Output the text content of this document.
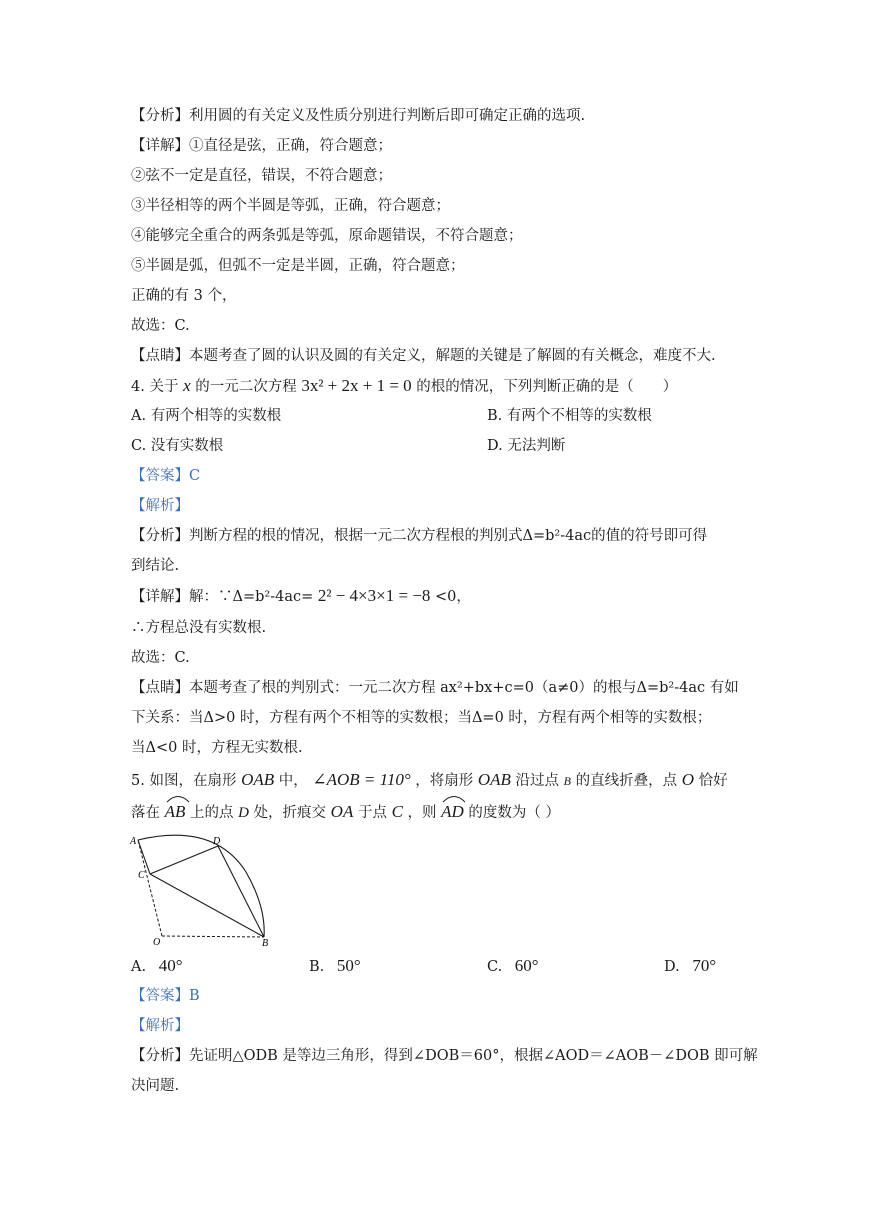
【分析】利用圆的有关定义及性质分别进行判断后即可确定正确的选项.
【详解】①直径是弦，正确，符合题意；
②弦不一定是直径，错误，不符合题意；
③半径相等的两个半圆是等弧，正确，符合题意；
④能够完全重合的两条弧是等弧，原命题错误，不符合题意；
⑤半圆是弧，但弧不一定是半圆，正确，符合题意；
正确的有 3 个，
故选：C.
【点睛】本题考查了圆的认识及圆的有关定义，解题的关键是了解圆的有关概念，难度不大.
4. 关于 x 的一元二次方程 3x² + 2x + 1 = 0 的根的情况，下列判断正确的是（　　）
A. 有两个相等的实数根	B. 有两个不相等的实数根
C. 没有实数根	D. 无法判断
【答案】C
【解析】
【分析】判断方程的根的情况，根据一元二次方程根的判别式Δ=b²-4ac的值的符号即可得
到结论.
【详解】解：∵Δ=b²-4ac= 2² − 4×3×1 = −8 <0，
∴方程总没有实数根.
故选：C.
【点睛】本题考查了根的判别式：一元二次方程 ax²+bx+c=0（a≠0）的根与Δ=b²-4ac 有如
下关系：当Δ>0 时，方程有两个不相等的实数根；当Δ=0 时，方程有两个相等的实数根；
当Δ<0 时，方程无实数根.
5. 如图，在扇形 OAB 中， ∠AOB = 110° ，将扇形 OAB 沿过点 B 的直线折叠，点 O 恰好
落在 AB 上的点 D 处，折痕交 OA 于点 C ，则 AD 的度数为（ ）
A	D
C
O	B
A. 40°	B. 50°	C. 60°	D. 70°
【答案】B
【解析】
【分析】先证明△ODB 是等边三角形，得到∠DOB＝60°，根据∠AOD＝∠AOB－∠DOB 即可解
决问题.
